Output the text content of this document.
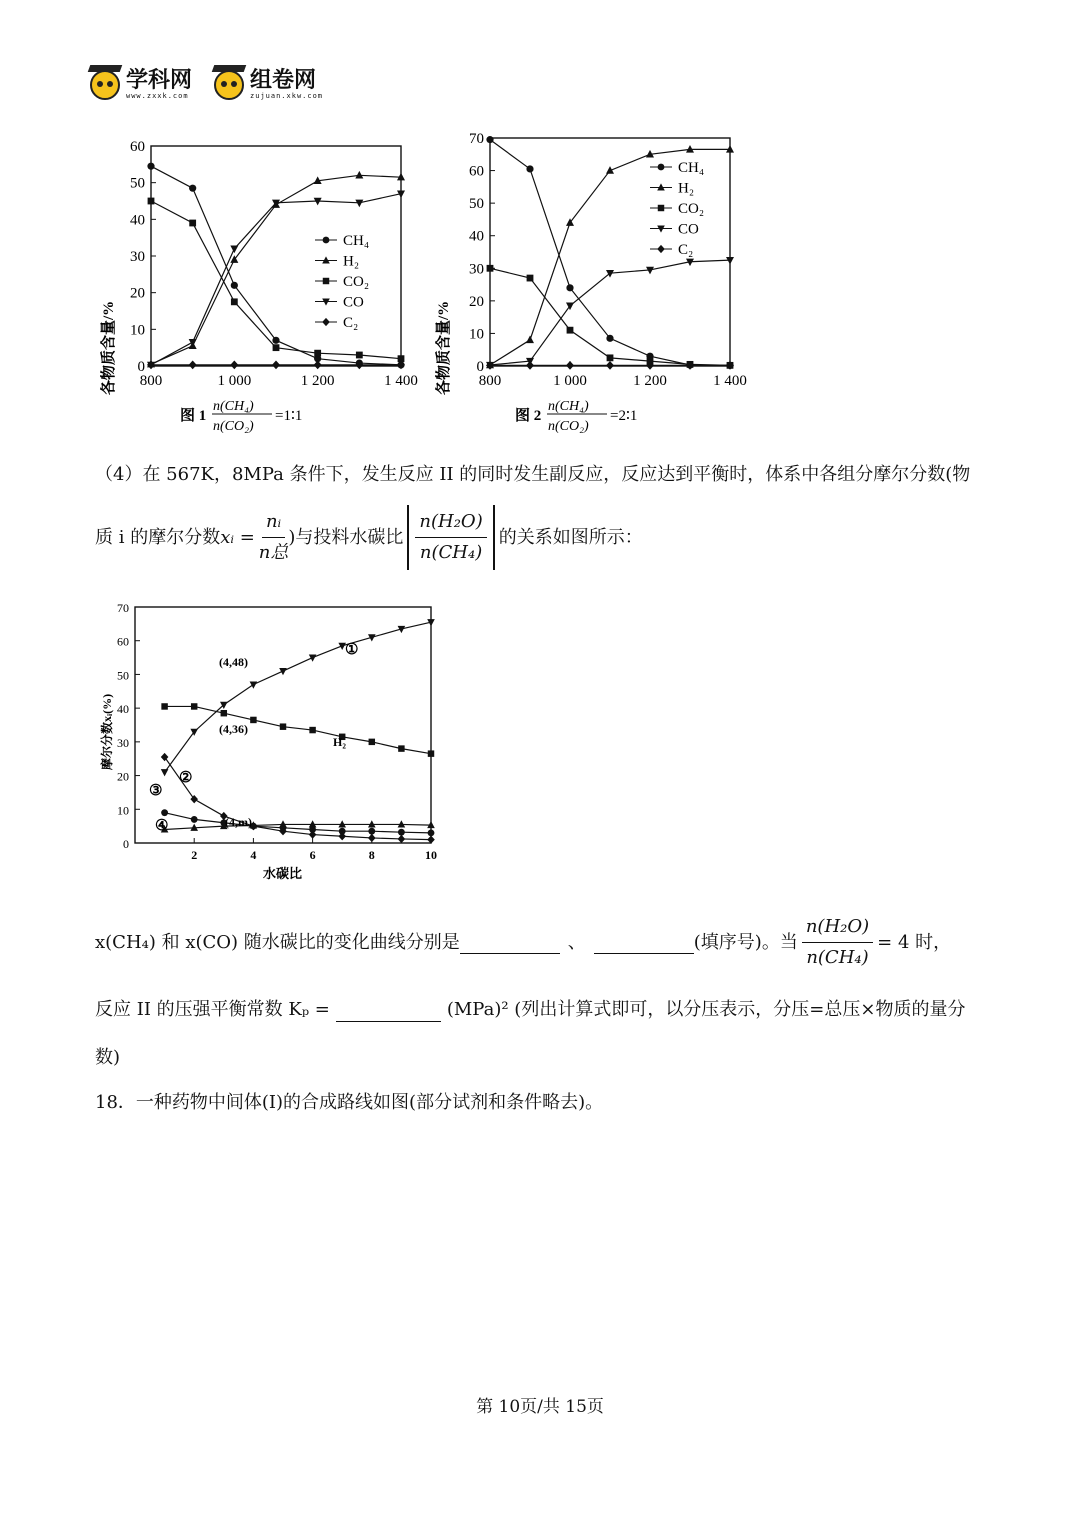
学科网
www.zxxk.com
组卷网
zujuan.xkw.com
各物质含量/% 0
10
20
30
40
50
60
800	1 000	1 200	1 400
CH₄
H₂
CO₂
CO
C₂
图 1
n(CH₄)
n(CO₂)
=1∶1
各物质含量/% 0
10
20
30
40
50
60
70
800	1 000	1 200	1 400
CH₄
H₂
CO₂
CO
C₂
图 2
n(CH₄)
n(CO₂)
=2∶1
（4）在 567K，8MPa 条件下，发生反应 II 的同时发生副反应，反应达到平衡时，体系中各组分摩尔分数(物
质 i 的摩尔分数 xᵢ = $\frac{\text{nᵢ}}{\text{n总}}$ )与投料水碳比 $\frac{\text{n(H₂O)}}{\text{n(CH₄)}}$ 的关系如图所示：
摩尔分数xᵢ(%)
水碳比
0
10
20
30
40
50
60
70
2	4	6	8	10
(4,48)
(4,36)
(4,m)
①
②
③
④
H₂
x(CH₄) 和 x(CO) 随水碳比的变化曲线分别是	、	(填序号)。当 $\frac{\text{n(H₂O)}}{\text{n(CH₄)}} = 4$ 时，
反应 II 的压强平衡常数 Kₚ =	(MPa)² (列出计算式即可，以分压表示，分压=总压×物质的量分
数)
18．一种药物中间体(I)的合成路线如图(部分试剂和条件略去)。
第 10页/共 15页
